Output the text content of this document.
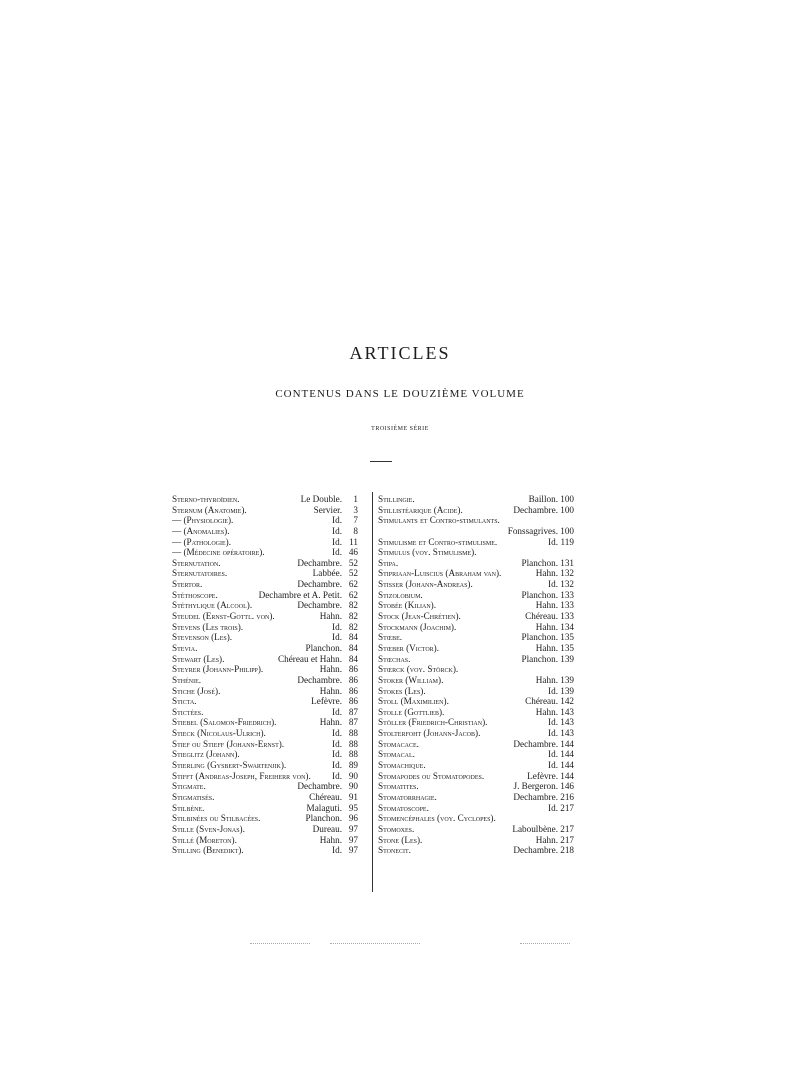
ARTICLES

CONTENUS DANS LE DOUZIÈME VOLUME

TROISIÈME SÉRIE

Sterno-thyroïdien.	Le Double.	1
Sternum (Anatomie).	Servier.	3
— (Physiologie).	Id.	7
— (Anomalies).	Id.	8
— (Pathologie).	Id. 11
— (Médecine opératoire).	Id. 46
Sternutation.	Dechambre. 52
Sternutatoires.	Labbée. 52
Stertor.	Dechambre. 62
Stéthoscope.	Dechambre et A. Petit. 62
Stéthylique (Alcool).	Dechambre. 82
Steudel (Ernst-Gottl. von).	Hahn. 82
Stevens (Les trois).	Id. 82
Stevenson (Les).	Id. 84
Stevia.	Planchon. 84
Stewart (Les).	Chéreau et Hahn. 84
Steyrer (Johann-Philipp).	Hahn. 86
Sthénie.	Dechambre. 86
Stiche (José).	Hahn. 86
Sticta.	Lefèvre. 86
Stictées.	Id. 87
Stiebel (Salomon-Friedrich).	Hahn. 87
Stieck (Nicolaus-Ulrich).	Id. 88
Stief ou Stieff (Johann-Ernst).	Id. 88
Stieglitz (Johann).	Id. 88
Stierling (Gysbert-Swartenjik).	Id. 89
Stifft (Andreas-Joseph, Freiherr von). Id. 90
Stigmate.	Dechambre. 90
Stigmatisés.	Chéreau. 91
Stilbène.	Malaguti. 95
Stilbinées ou Stilbacées.	Planchon. 96
Stille (Sven-Jonas).	Dureau. 97
Stillé (Moreton).	Hahn. 97
Stilling (Benedikt).	Id. 97
Stillingie.	Baillon. 100
Stillistéarique (Acide).	Dechambre. 100
Stimulants et Contro-stimulants.
Fonssagrives. 100
Stimulisme et Contro-stimulisme.	Id. 119
Stimulus (voy. Stimulisme).
Stipa.	Planchon. 131
Stipriaan-Luiscius (Abraham van).	Hahn. 132
Stisser (Johann-Andreas).	Id. 132
Stizolobium.	Planchon. 133
Stobée (Kilian).	Hahn. 133
Stock (Jean-Chrétien).	Chéreau. 133
Stockmann (Joachim).	Hahn. 134
Stœbe.	Planchon. 135
Stœber (Victor).	Hahn. 135
Stœchas.	Planchon. 139
Stœrck (voy. Störck).
Stoker (William).	Hahn. 139
Stokes (Les).	Id. 139
Stoll (Maximilien).	Chéreau. 142
Stolle (Gottlieb).	Hahn. 143
Stöller (Friedrich-Christian).	Id. 143
Stolterfoht (Johann-Jacob).	Id. 143
Stomacace.	Dechambre. 144
Stomacal.	Id. 144
Stomachique.	Id. 144
Stomapodes ou Stomatopodes.	Lefèvre. 144
Stomatites.	J. Bergeron. 146
Stomatorrhagie.	Dechambre. 216
Stomatoscope.	Id. 217
Stomencéphales (voy. Cyclopes).
Stomoxes.	Laboulbène. 217
Stone (Les).	Hahn. 217
Stonecit.	Dechambre. 218
